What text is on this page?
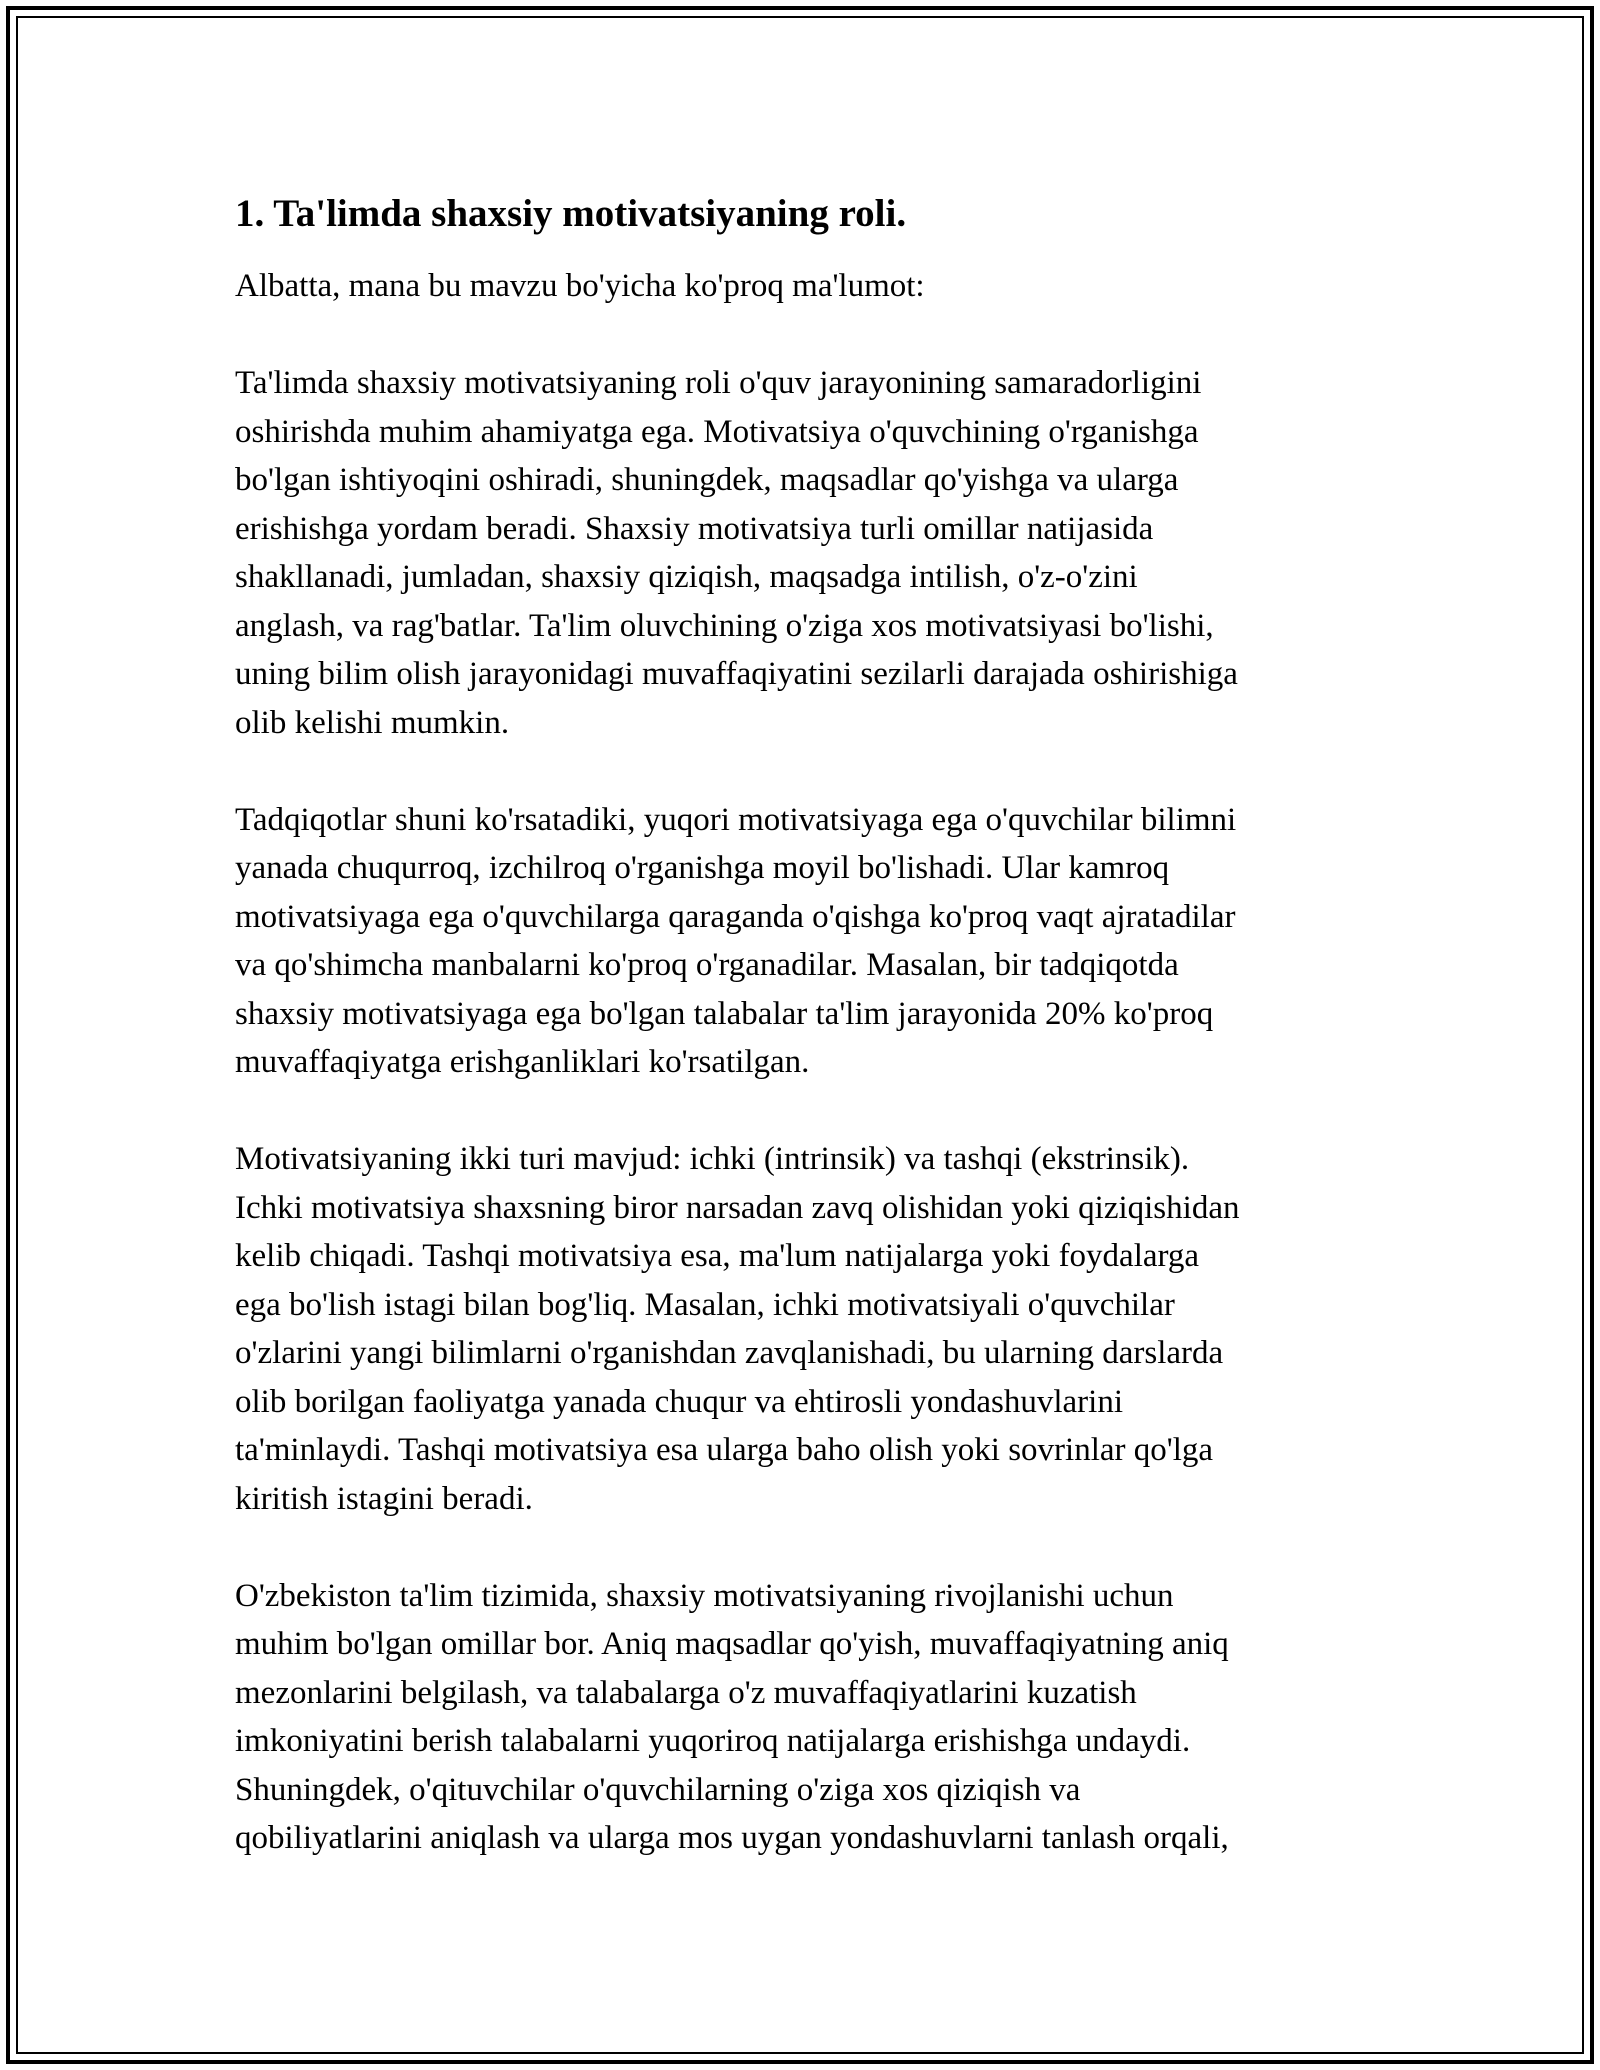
1. Ta'limda shaxsiy motivatsiyaning roli.

Albatta, mana bu mavzu bo'yicha ko'proq ma'lumot:

Ta'limda shaxsiy motivatsiyaning roli o'quv jarayonining samaradorligini
oshirishda muhim ahamiyatga ega. Motivatsiya o'quvchining o'rganishga
bo'lgan ishtiyoqini oshiradi, shuningdek, maqsadlar qo'yishga va ularga
erishishga yordam beradi. Shaxsiy motivatsiya turli omillar natijasida
shakllanadi, jumladan, shaxsiy qiziqish, maqsadga intilish, o'z-o'zini
anglash, va rag'batlar. Ta'lim oluvchining o'ziga xos motivatsiyasi bo'lishi,
uning bilim olish jarayonidagi muvaffaqiyatini sezilarli darajada oshirishiga
olib kelishi mumkin.

Tadqiqotlar shuni ko'rsatadiki, yuqori motivatsiyaga ega o'quvchilar bilimni
yanada chuqurroq, izchilroq o'rganishga moyil bo'lishadi. Ular kamroq
motivatsiyaga ega o'quvchilarga qaraganda o'qishga ko'proq vaqt ajratadilar
va qo'shimcha manbalarni ko'proq o'rganadilar. Masalan, bir tadqiqotda
shaxsiy motivatsiyaga ega bo'lgan talabalar ta'lim jarayonida 20% ko'proq
muvaffaqiyatga erishganliklari ko'rsatilgan.

Motivatsiyaning ikki turi mavjud: ichki (intrinsik) va tashqi (ekstrinsik).
Ichki motivatsiya shaxsning biror narsadan zavq olishidan yoki qiziqishidan
kelib chiqadi. Tashqi motivatsiya esa, ma'lum natijalarga yoki foydalarga
ega bo'lish istagi bilan bog'liq. Masalan, ichki motivatsiyali o'quvchilar
o'zlarini yangi bilimlarni o'rganishdan zavqlanishadi, bu ularning darslarda
olib borilgan faoliyatga yanada chuqur va ehtirosli yondashuvlarini
ta'minlaydi. Tashqi motivatsiya esa ularga baho olish yoki sovrinlar qo'lga
kiritish istagini beradi.

O'zbekiston ta'lim tizimida, shaxsiy motivatsiyaning rivojlanishi uchun
muhim bo'lgan omillar bor. Aniq maqsadlar qo'yish, muvaffaqiyatning aniq
mezonlarini belgilash, va talabalarga o'z muvaffaqiyatlarini kuzatish
imkoniyatini berish talabalarni yuqoriroq natijalarga erishishga undaydi.
Shuningdek, o'qituvchilar o'quvchilarning o'ziga xos qiziqish va
qobiliyatlarini aniqlash va ularga mos uygan yondashuvlarni tanlash orqali,
